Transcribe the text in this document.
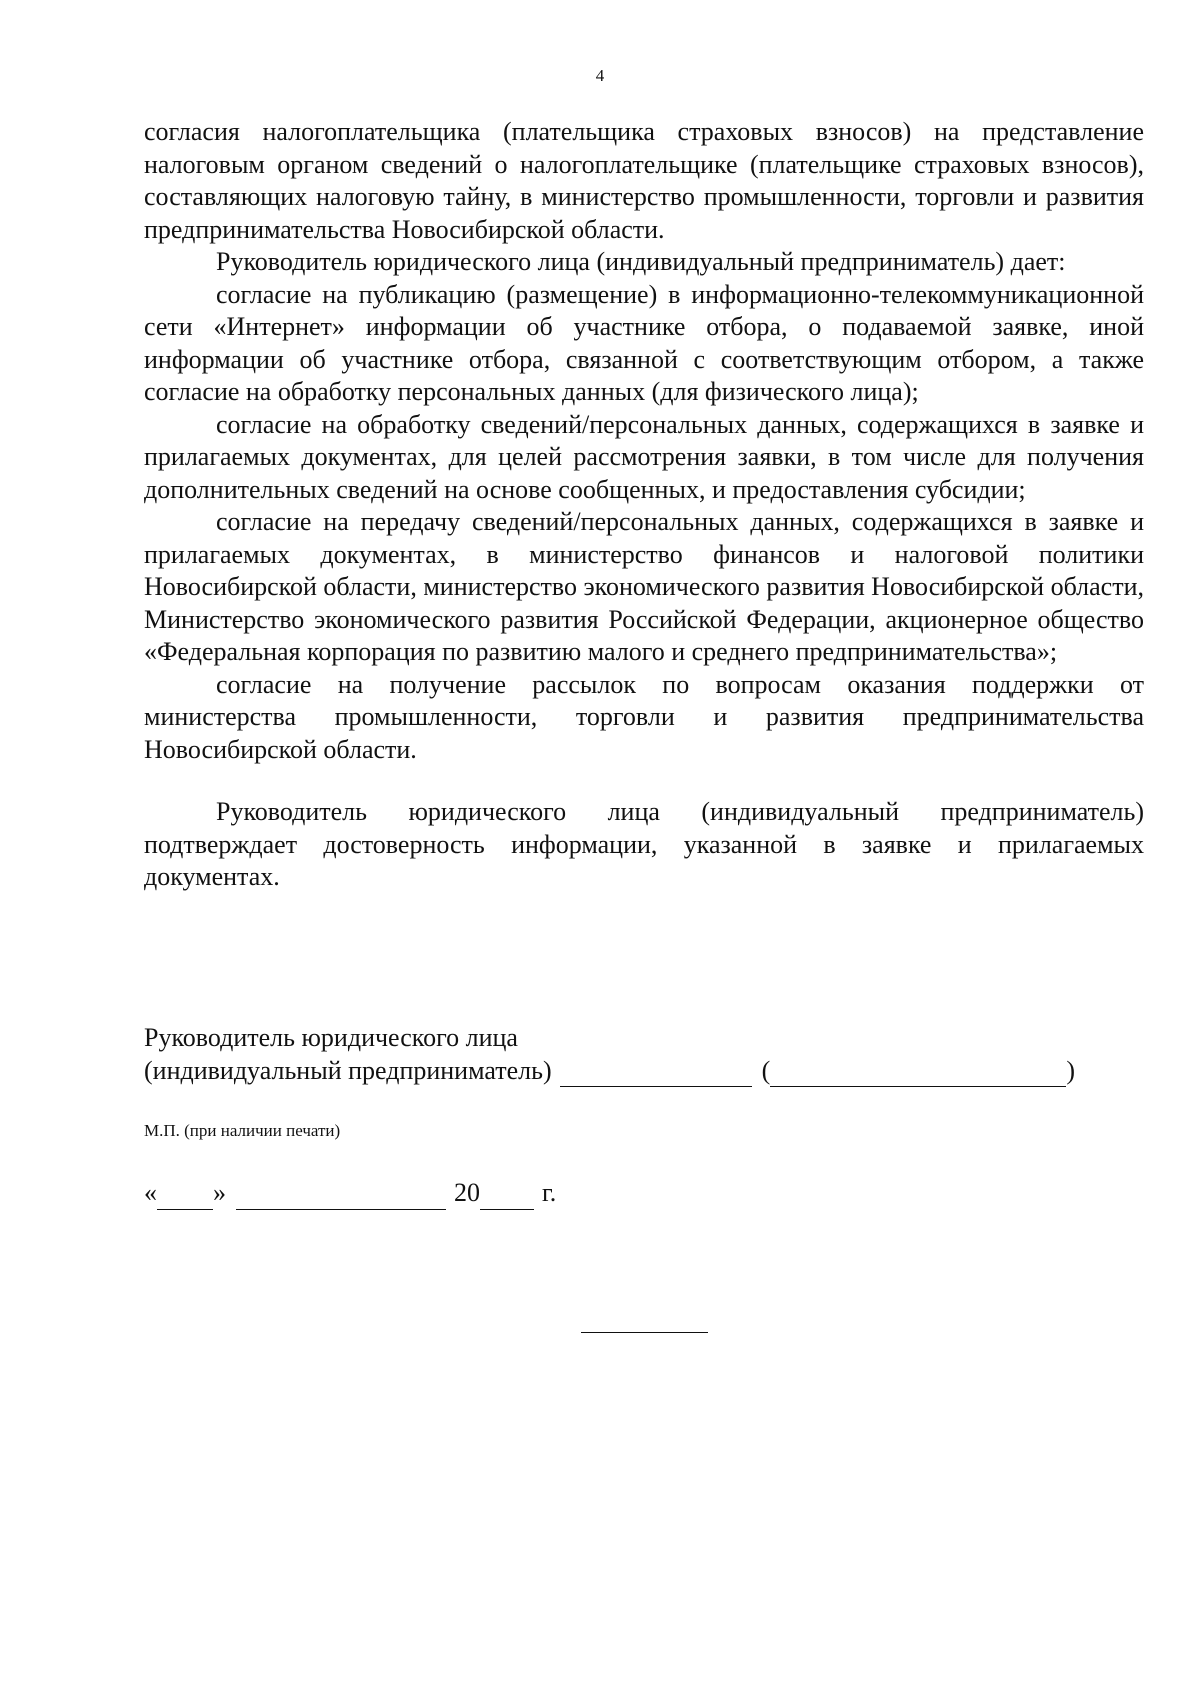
4

согласия налогоплательщика (плательщика страховых взносов) на представление налоговым органом сведений о налогоплательщике (плательщике страховых взносов), составляющих налоговую тайну, в министерство промышленности, торговли и развития предпринимательства Новосибирской области.

Руководитель юридического лица (индивидуальный предприниматель) дает:

согласие на публикацию (размещение) в информационно-телекоммуникационной сети «Интернет» информации об участнике отбора, о подаваемой заявке, иной информации об участнике отбора, связанной с соответствующим отбором, а также согласие на обработку персональных данных (для физического лица);

согласие на обработку сведений/персональных данных, содержащихся в заявке и прилагаемых документах, для целей рассмотрения заявки, в том числе для получения дополнительных сведений на основе сообщенных, и предоставления субсидии;

согласие на передачу сведений/персональных данных, содержащихся в заявке и прилагаемых документах, в министерство финансов и налоговой политики Новосибирской области, министерство экономического развития Новосибирской области, Министерство экономического развития Российской Федерации, акционерное общество «Федеральная корпорация по развитию малого и среднего предпринимательства»;

согласие на получение рассылок по вопросам оказания поддержки от министерства промышленности, торговли и развития предпринимательства Новосибирской области.

Руководитель юридического лица (индивидуальный предприниматель) подтверждает достоверность информации, указанной в заявке и прилагаемых документах.

Руководитель юридического лица
(индивидуальный предприниматель)	(	)
М.П. (при наличии печати)
« »	20 г.
